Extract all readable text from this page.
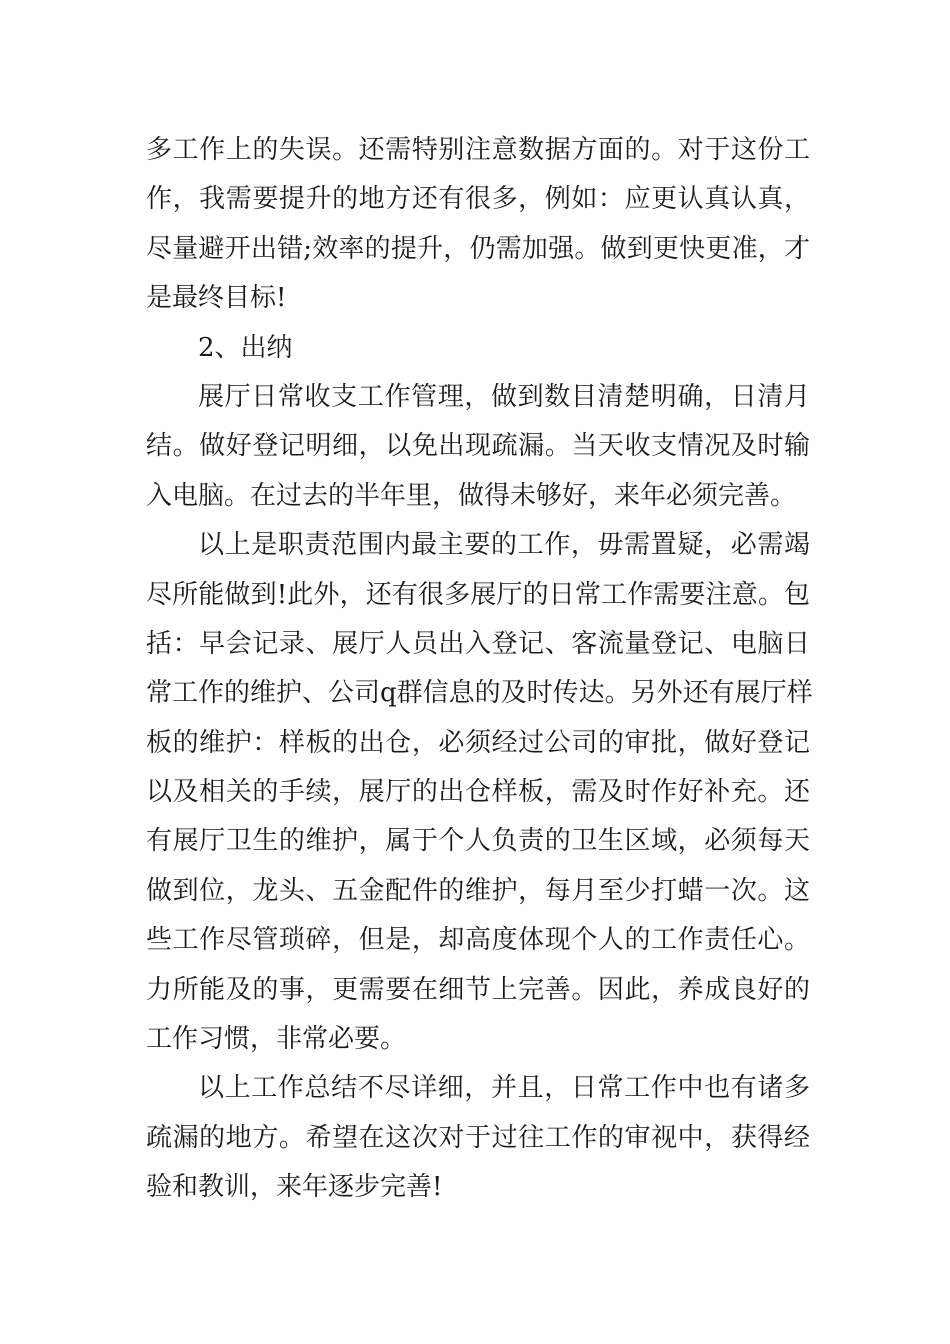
多工作上的失误。还需特别注意数据方面的。对于这份工
作，我需要提升的地方还有很多，例如：应更认真认真，
尽量避开出错;效率的提升，仍需加强。做到更快更准，才
是最终目标!
2、出纳
展厅日常收支工作管理，做到数目清楚明确，日清月
结。做好登记明细，以免出现疏漏。当天收支情况及时输
入电脑。在过去的半年里，做得未够好，来年必须完善。
以上是职责范围内最主要的工作，毋需置疑，必需竭
尽所能做到!此外，还有很多展厅的日常工作需要注意。包
括：早会记录、展厅人员出入登记、客流量登记、电脑日
常工作的维护、公司q群信息的及时传达。另外还有展厅样
板的维护：样板的出仓，必须经过公司的审批，做好登记
以及相关的手续，展厅的出仓样板，需及时作好补充。还
有展厅卫生的维护，属于个人负责的卫生区域，必须每天
做到位，龙头、五金配件的维护，每月至少打蜡一次。这
些工作尽管琐碎，但是，却高度体现个人的工作责任心。
力所能及的事，更需要在细节上完善。因此，养成良好的
工作习惯，非常必要。
以上工作总结不尽详细，并且，日常工作中也有诸多
疏漏的地方。希望在这次对于过往工作的审视中，获得经
验和教训，来年逐步完善!
